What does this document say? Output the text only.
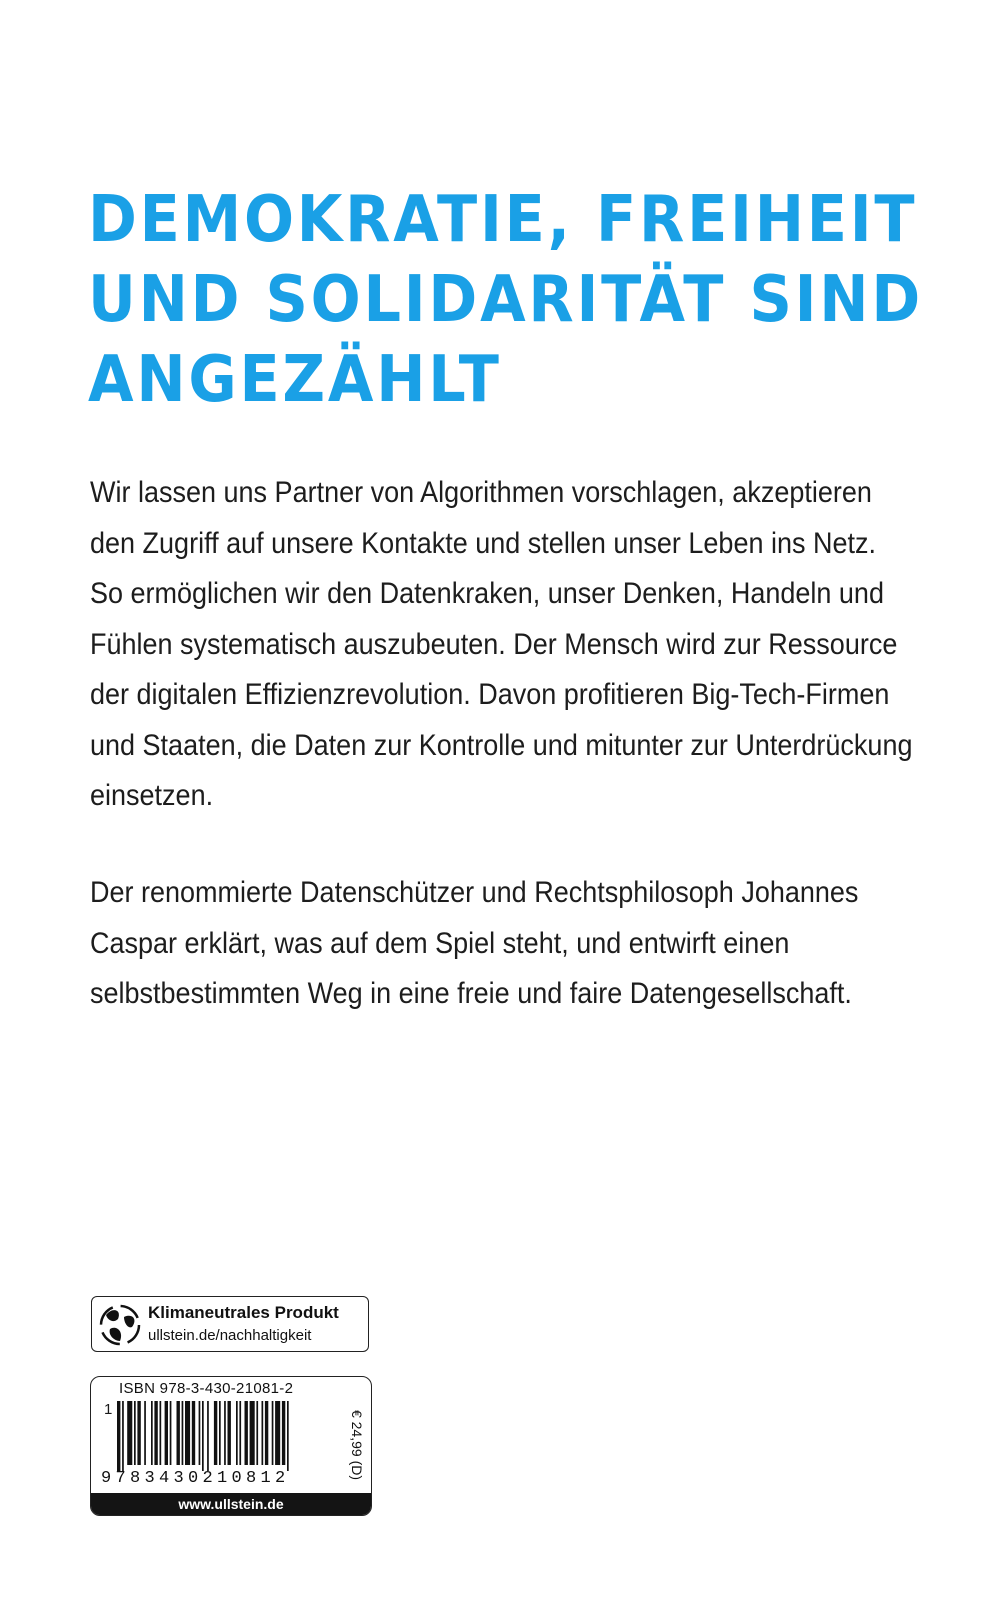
DEMOKRATIE, FREIHEIT
UND SOLIDARITÄT SIND
ANGEZÄHLT

Wir lassen uns Partner von Algorithmen vorschlagen, akzeptieren
den Zugriff auf unsere Kontakte und stellen unser Leben ins Netz.
So ermöglichen wir den Datenkraken, unser Denken, Handeln und
Fühlen systematisch auszubeuten. Der Mensch wird zur Ressource
der digitalen Effizienzrevolution. Davon profitieren Big-Tech-Firmen
und Staaten, die Daten zur Kontrolle und mitunter zur Unterdrückung
einsetzen.

Der renommierte Datenschützer und Rechtsphilosoph Johannes
Caspar erklärt, was auf dem Spiel steht, und entwirft einen
selbstbestimmten Weg in eine freie und faire Datengesellschaft.

Klimaneutrales Produkt
ullstein.de/nachhaltigkeit
ISBN 978-3-430-21081-2
1
9783430210812	€ 24,99 (D)
www.ullstein.de
